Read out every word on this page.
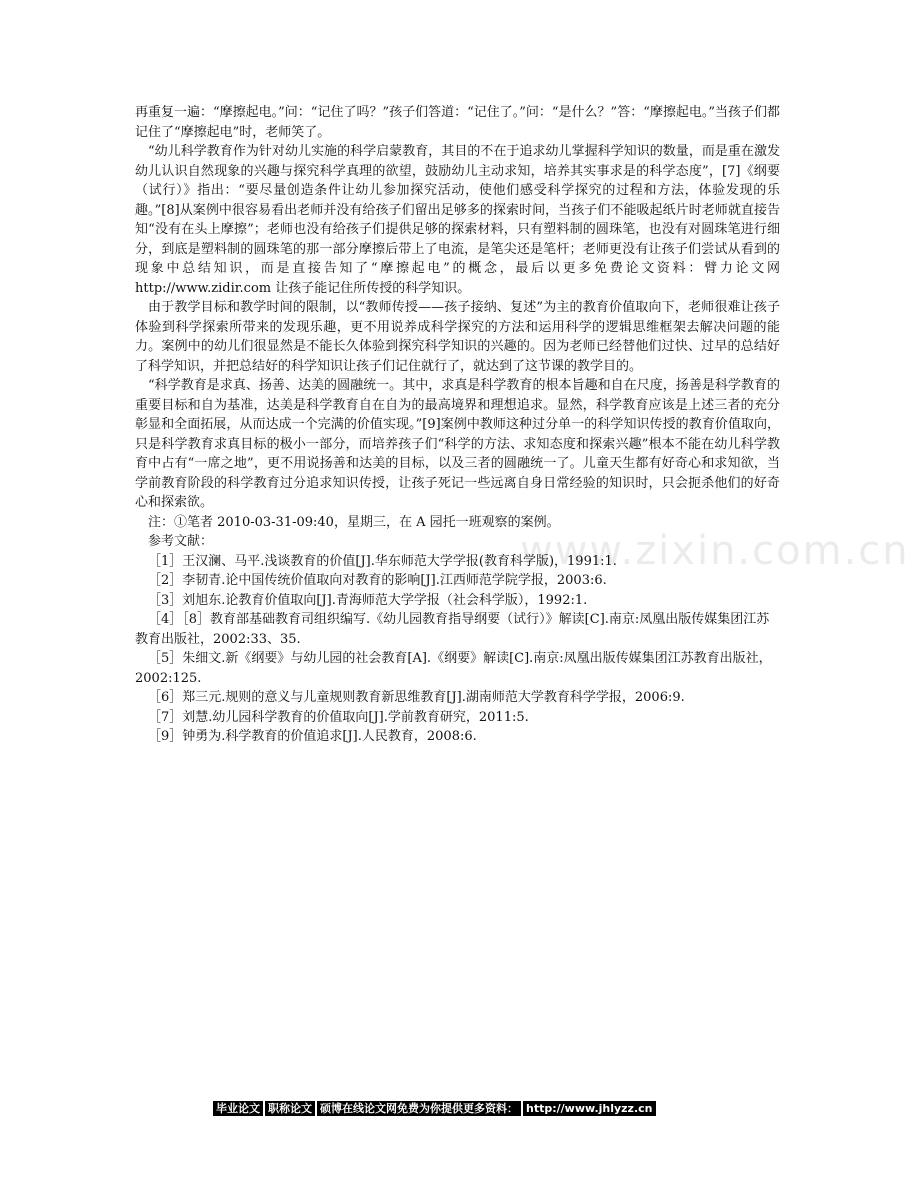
再重复一遍：“摩擦起电。”问：“记住了吗？”孩子们答道：“记住了。”问：“是什么？”答：“摩擦起电。”当孩子们都记住了“摩擦起电”时，老师笑了。

“幼儿科学教育作为针对幼儿实施的科学启蒙教育，其目的不在于追求幼儿掌握科学知识的数量，而是重在激发幼儿认识自然现象的兴趣与探究科学真理的欲望，鼓励幼儿主动求知，培养其实事求是的科学态度”，[7]《纲要（试行）》指出：“要尽量创造条件让幼儿参加探究活动，使他们感受科学探究的过程和方法，体验发现的乐趣。”[8]从案例中很容易看出老师并没有给孩子们留出足够多的探索时间，当孩子们不能吸起纸片时老师就直接告知“没有在头上摩擦”；老师也没有给孩子们提供足够的探索材料，只有塑料制的圆珠笔，也没有对圆珠笔进行细分，到底是塑料制的圆珠笔的那一部分摩擦后带上了电流，是笔尖还是笔杆；老师更没有让孩子们尝试从看到的现象中总结知识，而是直接告知了“摩擦起电”的概念，最后以更多免费论文资料：臂力论文网 http://www.zidir.com 让孩子能记住所传授的科学知识。

由于教学目标和教学时间的限制，以“教师传授——孩子接纳、复述”为主的教育价值取向下，老师很难让孩子体验到科学探索所带来的发现乐趣，更不用说养成科学探究的方法和运用科学的逻辑思维框架去解决问题的能力。案例中的幼儿们很显然是不能长久体验到探究科学知识的兴趣的。因为老师已经替他们过快、过早的总结好了科学知识，并把总结好的科学知识让孩子们记住就行了，就达到了这节课的教学目的。

“科学教育是求真、扬善、达美的圆融统一。其中，求真是科学教育的根本旨趣和自在尺度，扬善是科学教育的重要目标和自为基准，达美是科学教育自在自为的最高境界和理想追求。显然，科学教育应该是上述三者的充分彰显和全面拓展，从而达成一个完满的价值实现。”[9]案例中教师这种过分单一的科学知识传授的教育价值取向，只是科学教育求真目标的极小一部分，而培养孩子们“科学的方法、求知态度和探索兴趣”根本不能在幼儿科学教育中占有“一席之地”，更不用说扬善和达美的目标，以及三者的圆融统一了。儿童天生都有好奇心和求知欲，当学前教育阶段的科学教育过分追求知识传授，让孩子死记一些远离自身日常经验的知识时，只会扼杀他们的好奇心和探索欲。

注：①笔者 2010-03-31-09:40，星期三，在 A 园托一班观察的案例。

参考文献：

［1］王汉澜、马平.浅谈教育的价值[J].华东师范大学学报(教育科学版)，1991:1.

［2］李韧青.论中国传统价值取向对教育的影响[J].江西师范学院学报，2003:6.

［3］刘旭东.论教育价值取向[J].青海师范大学学报（社会科学版），1992:1.

［4］［8］教育部基础教育司组织编写.《幼儿园教育指导纲要（试行）》解读[C].南京:凤凰出版传媒集团江苏教育出版社，2002:33、35.

［5］朱细文.新《纲要》与幼儿园的社会教育[A].《纲要》解读[C].南京:凤凰出版传媒集团江苏教育出版社，2002:125.

［6］郑三元.规则的意义与儿童规则教育新思维教育[J].湖南师范大学教育科学学报，2006:9.

［7］刘慧.幼儿园科学教育的价值取向[J].学前教育研究，2011:5.

［9］钟勇为.科学教育的价值追求[J].人民教育，2008:6.

www.zixin.com.cn
毕业论文 职称论文 硕博在线论文网免费为你提供更多资料： http://www.jhlyzz.cn
